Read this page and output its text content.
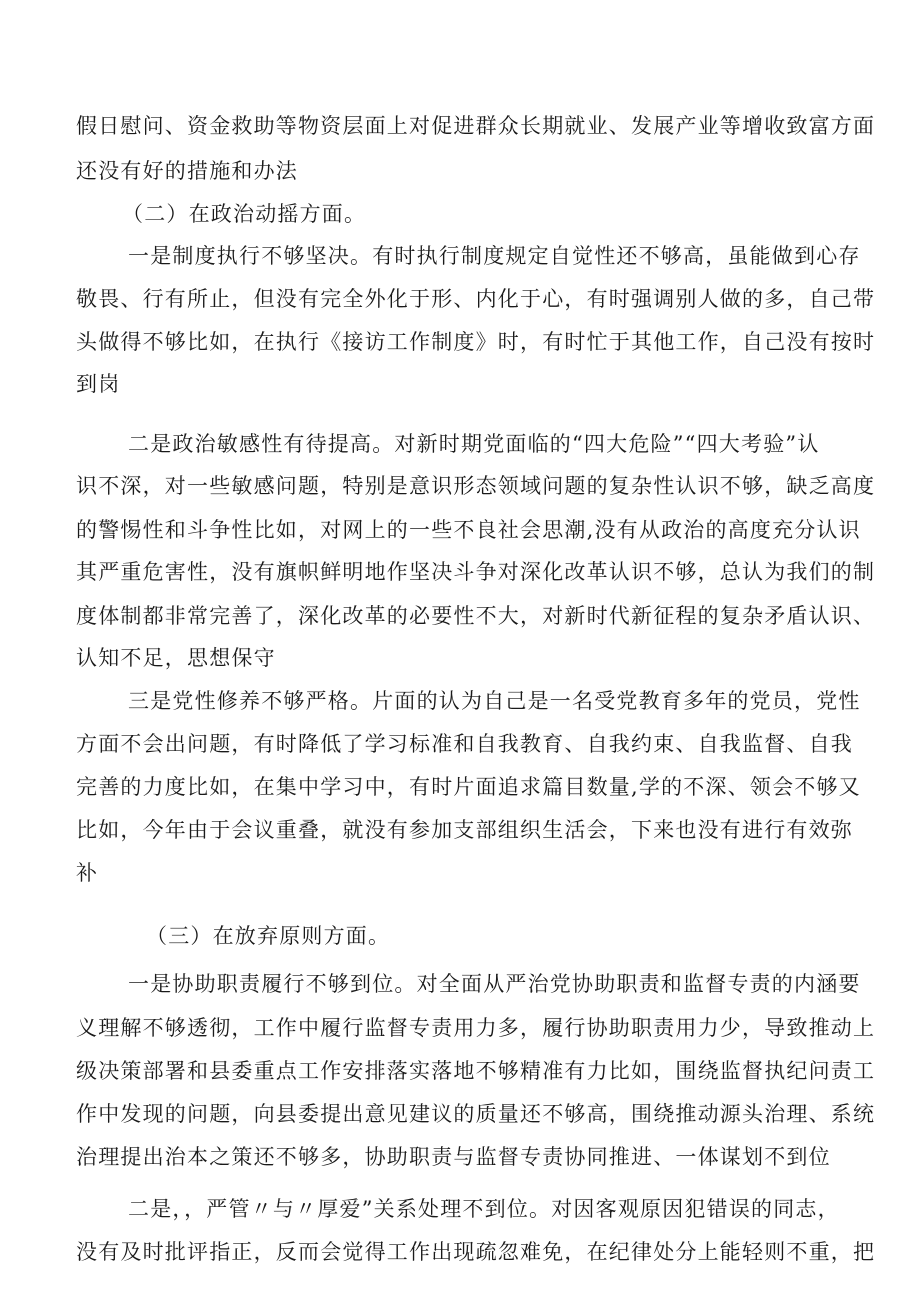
假日慰问、资金救助等物资层面上对促进群众长期就业、发展产业等增收致富方面
还没有好的措施和办法
（二）在政治动摇方面。
一是制度执行不够坚决。有时执行制度规定自觉性还不够高，虽能做到心存
敬畏、行有所止，但没有完全外化于形、内化于心，有时强调别人做的多，自己带
头做得不够比如，在执行《接访工作制度》时，有时忙于其他工作，自己没有按时
到岗
二是政治敏感性有待提高。对新时期党面临的“四大危险”“四大考验”认
识不深，对一些敏感问题，特别是意识形态领域问题的复杂性认识不够，缺乏高度
的警惕性和斗争性比如，对网上的一些不良社会思潮,没有从政治的高度充分认识
其严重危害性，没有旗帜鲜明地作坚决斗争对深化改革认识不够，总认为我们的制
度体制都非常完善了，深化改革的必要性不大，对新时代新征程的复杂矛盾认识、
认知不足，思想保守
三是党性修养不够严格。片面的认为自己是一名受党教育多年的党员，党性
方面不会出问题，有时降低了学习标准和自我教育、自我约束、自我监督、自我
完善的力度比如，在集中学习中，有时片面追求篇目数量,学的不深、领会不够又
比如，今年由于会议重叠，就没有参加支部组织生活会，下来也没有进行有效弥
补
（三）在放弃原则方面。
一是协助职责履行不够到位。对全面从严治党协助职责和监督专责的内涵要
义理解不够透彻，工作中履行监督专责用力多，履行协助职责用力少，导致推动上
级决策部署和县委重点工作安排落实落地不够精准有力比如，围绕监督执纪问责工
作中发现的问题，向县委提出意见建议的质量还不够高，围绕推动源头治理、系统
治理提出治本之策还不够多，协助职责与监督专责协同推进、一体谋划不到位
二是，，严管〃与〃厚爱”关系处理不到位。对因客观原因犯错误的同志，
没有及时批评指正，反而会觉得工作出现疏忽难免，在纪律处分上能轻则不重，把
